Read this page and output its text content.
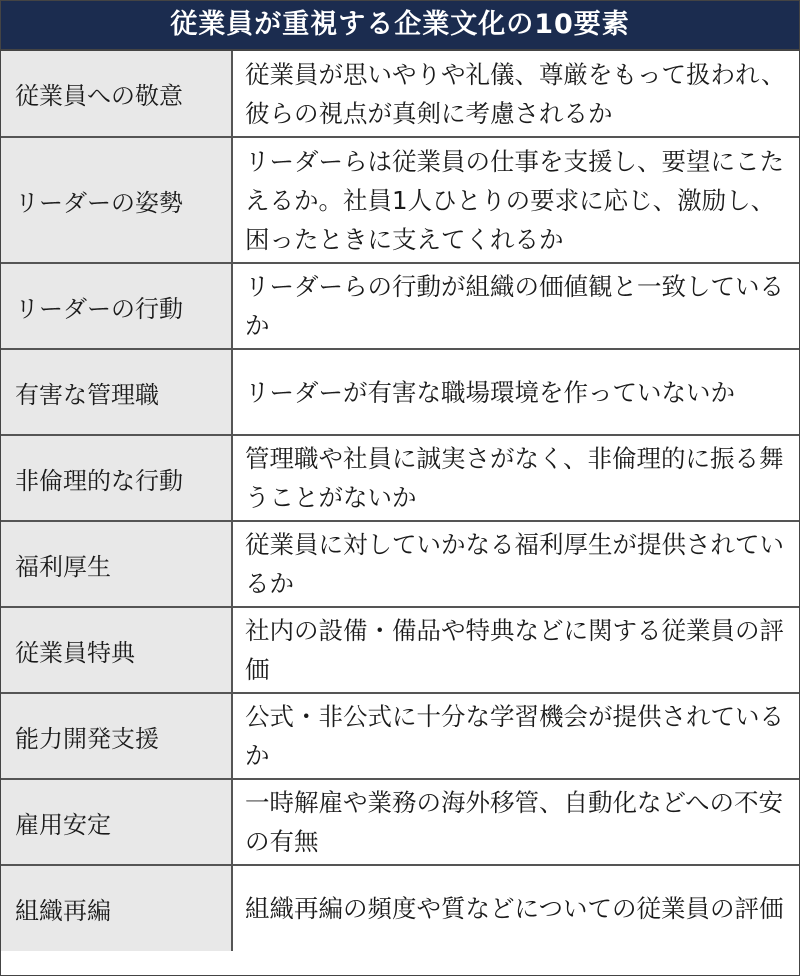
従業員が重視する企業文化の10要素
従業員への敬意	従業員が思いやりや礼儀、尊厳をもって扱われ、彼らの視点が真剣に考慮されるか
リーダーの姿勢	リーダーらは従業員の仕事を支援し、要望にこたえるか。社員1人ひとりの要求に応じ、激励し、困ったときに支えてくれるか
リーダーの行動	リーダーらの行動が組織の価値観と一致しているか
有害な管理職	リーダーが有害な職場環境を作っていないか
非倫理的な行動	管理職や社員に誠実さがなく、非倫理的に振る舞うことがないか
福利厚生	従業員に対していかなる福利厚生が提供されているか
従業員特典	社内の設備・備品や特典などに関する従業員の評価
能力開発支援	公式・非公式に十分な学習機会が提供されているか
雇用安定	一時解雇や業務の海外移管、自動化などへの不安の有無
組織再編	組織再編の頻度や質などについての従業員の評価
